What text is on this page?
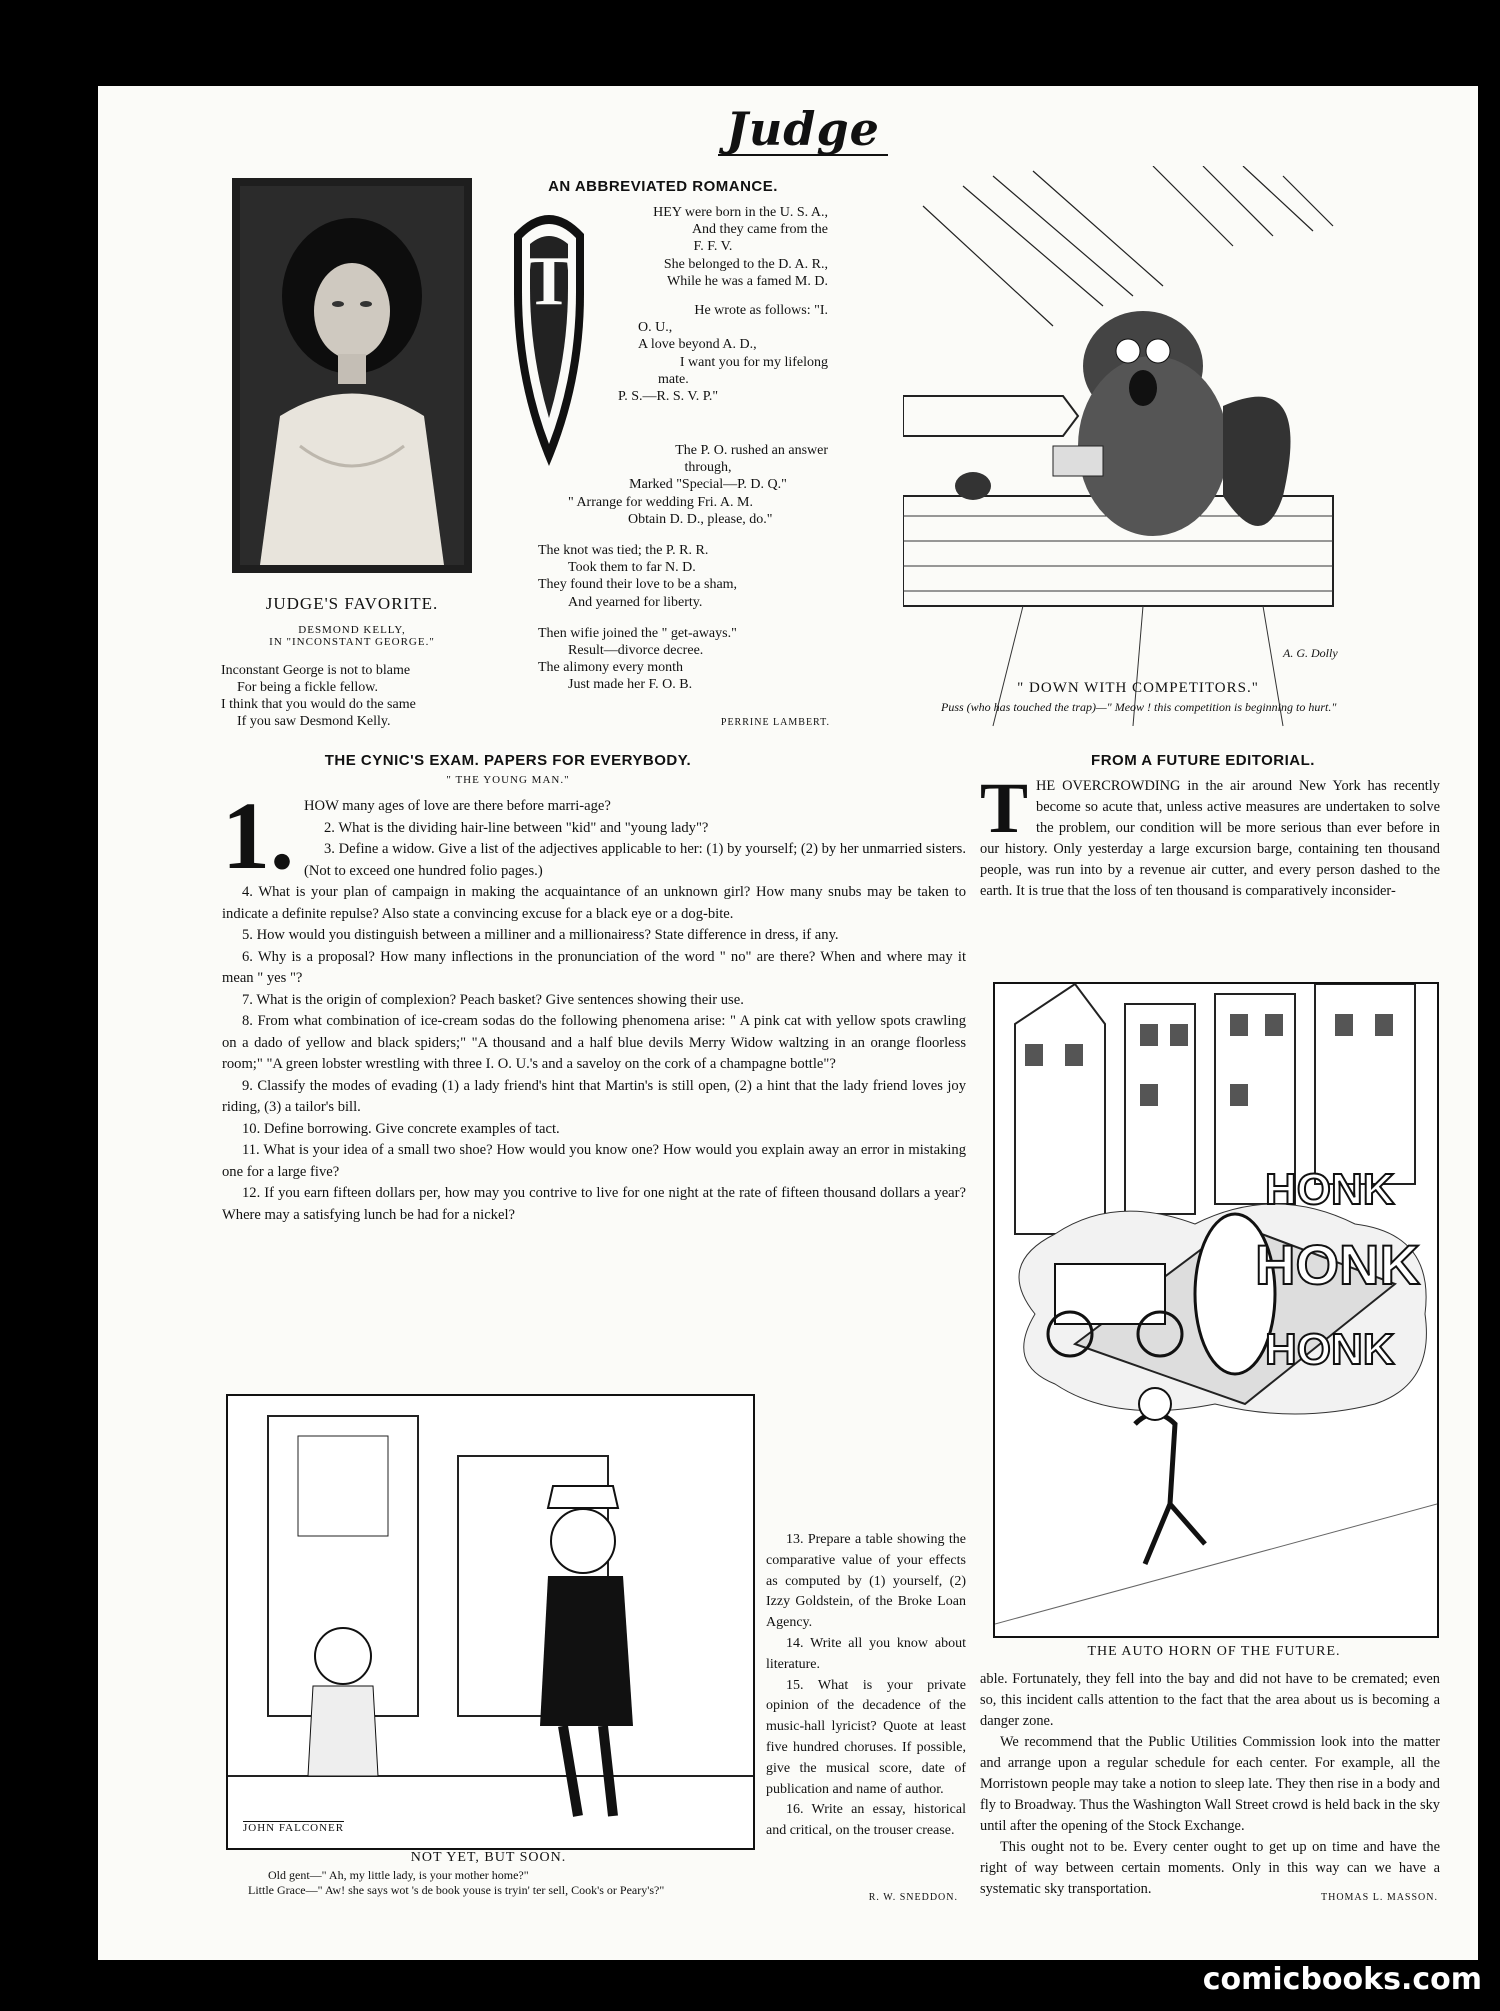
Judge
JUDGE'S FAVORITE.
DESMOND KELLY,
IN "INCONSTANT GEORGE."
Inconstant George is not to blame
For being a fickle fellow.
I think that you would do the same
If you saw Desmond Kelly.
AN ABBREVIATED ROMANCE.
T

HEY were born in the U. S. A.,

And they came from the

F. F. V.

She belonged to the D. A. R.,

While he was a famed M. D.

He wrote as follows: "I.

O. U.,

A love beyond A. D.,

I want you for my lifelong

mate.

P. S.—R. S. V. P."

The P. O. rushed an answer

through,

Marked "Special—P. D. Q."

" Arrange for wedding Fri. A. M.

Obtain D. D., please, do."

The knot was tied; the P. R. R.

Took them to far N. D.

They found their love to be a sham,

And yearned for liberty.

Then wifie joined the " get-aways."

Result—divorce decree.

The alimony every month

Just made her F. O. B.

PERRINE LAMBERT.
A. G. Dolly
" DOWN WITH COMPETITORS."
Puss (who has touched the trap)—" Meow ! this competition is beginning to hurt."
THE CYNIC'S EXAM. PAPERS FOR EVERYBODY.
" THE YOUNG MAN."
1. HOW many ages of love are there before marri-age?

2. What is the dividing hair-line between "kid" and "young lady"?

3. Define a widow. Give a list of the adjectives applicable to her: (1) by yourself; (2) by her unmarried sisters. (Not to exceed one hundred folio pages.)

4. What is your plan of campaign in making the acquaintance of an unknown girl? How many snubs may be taken to indicate a definite repulse? Also state a convincing excuse for a black eye or a dog-bite.

5. How would you distinguish between a milliner and a millionairess? State difference in dress, if any.

6. Why is a proposal? How many inflections in the pronunciation of the word " no" are there? When and where may it mean " yes "?

7. What is the origin of complexion? Peach basket? Give sentences showing their use.

8. From what combination of ice-cream sodas do the following phenomena arise: " A pink cat with yellow spots crawling on a dado of yellow and black spiders;" "A thousand and a half blue devils Merry Widow waltzing in an orange floorless room;" "A green lobster wrestling with three I. O. U.'s and a saveloy on the cork of a champagne bottle"?

9. Classify the modes of evading (1) a lady friend's hint that Martin's is still open, (2) a hint that the lady friend loves joy riding, (3) a tailor's bill.

10. Define borrowing. Give concrete examples of tact.

11. What is your idea of a small two shoe? How would you know one? How would you explain away an error in mistaking one for a large five?

12. If you earn fifteen dollars per, how may you contrive to live for one night at the rate of fifteen thousand dollars a year? Where may a satisfying lunch be had for a nickel?

JOHN FALCONER
NOT YET, BUT SOON.
Old gent—" Ah, my little lady, is your mother home?"
Little Grace—" Aw! she says wot 's de book youse is tryin' ter sell, Cook's or Peary's?"

13. Prepare a table showing the comparative value of your effects as computed by (1) yourself, (2) Izzy Goldstein, of the Broke Loan Agency.

14. Write all you know about literature.

15. What is your private opinion of the decadence of the music-hall lyricist? Quote at least five hundred choruses. If possible, give the musical score, date of publication and name of author.

16. Write an essay, historical and critical, on the trouser crease.

R. W. SNEDDON.
FROM A FUTURE EDITORIAL.
T HE OVERCROWDING in the air around New York has recently become so acute that, unless active measures are undertaken to solve the problem, our condition will be more serious than ever before in our history. Only yesterday a large excursion barge, containing ten thousand people, was run into by a revenue air cutter, and every person dashed to the earth. It is true that the loss of ten thousand is comparatively inconsider-

HONK
HONK
HONK
THE AUTO HORN OF THE FUTURE.

able. Fortunately, they fell into the bay and did not have to be cremated; even so, this incident calls attention to the fact that the area about us is becoming a danger zone.

We recommend that the Public Utilities Commission look into the matter and arrange upon a regular schedule for each center. For example, all the Morristown people may take a notion to sleep late. They then rise in a body and fly to Broadway. Thus the Washington Wall Street crowd is held back in the sky until after the opening of the Stock Exchange.

This ought not to be. Every center ought to get up on time and have the right of way between certain moments. Only in this way can we have a systematic sky transportation.

THOMAS L. MASSON.
comicbooks.com
